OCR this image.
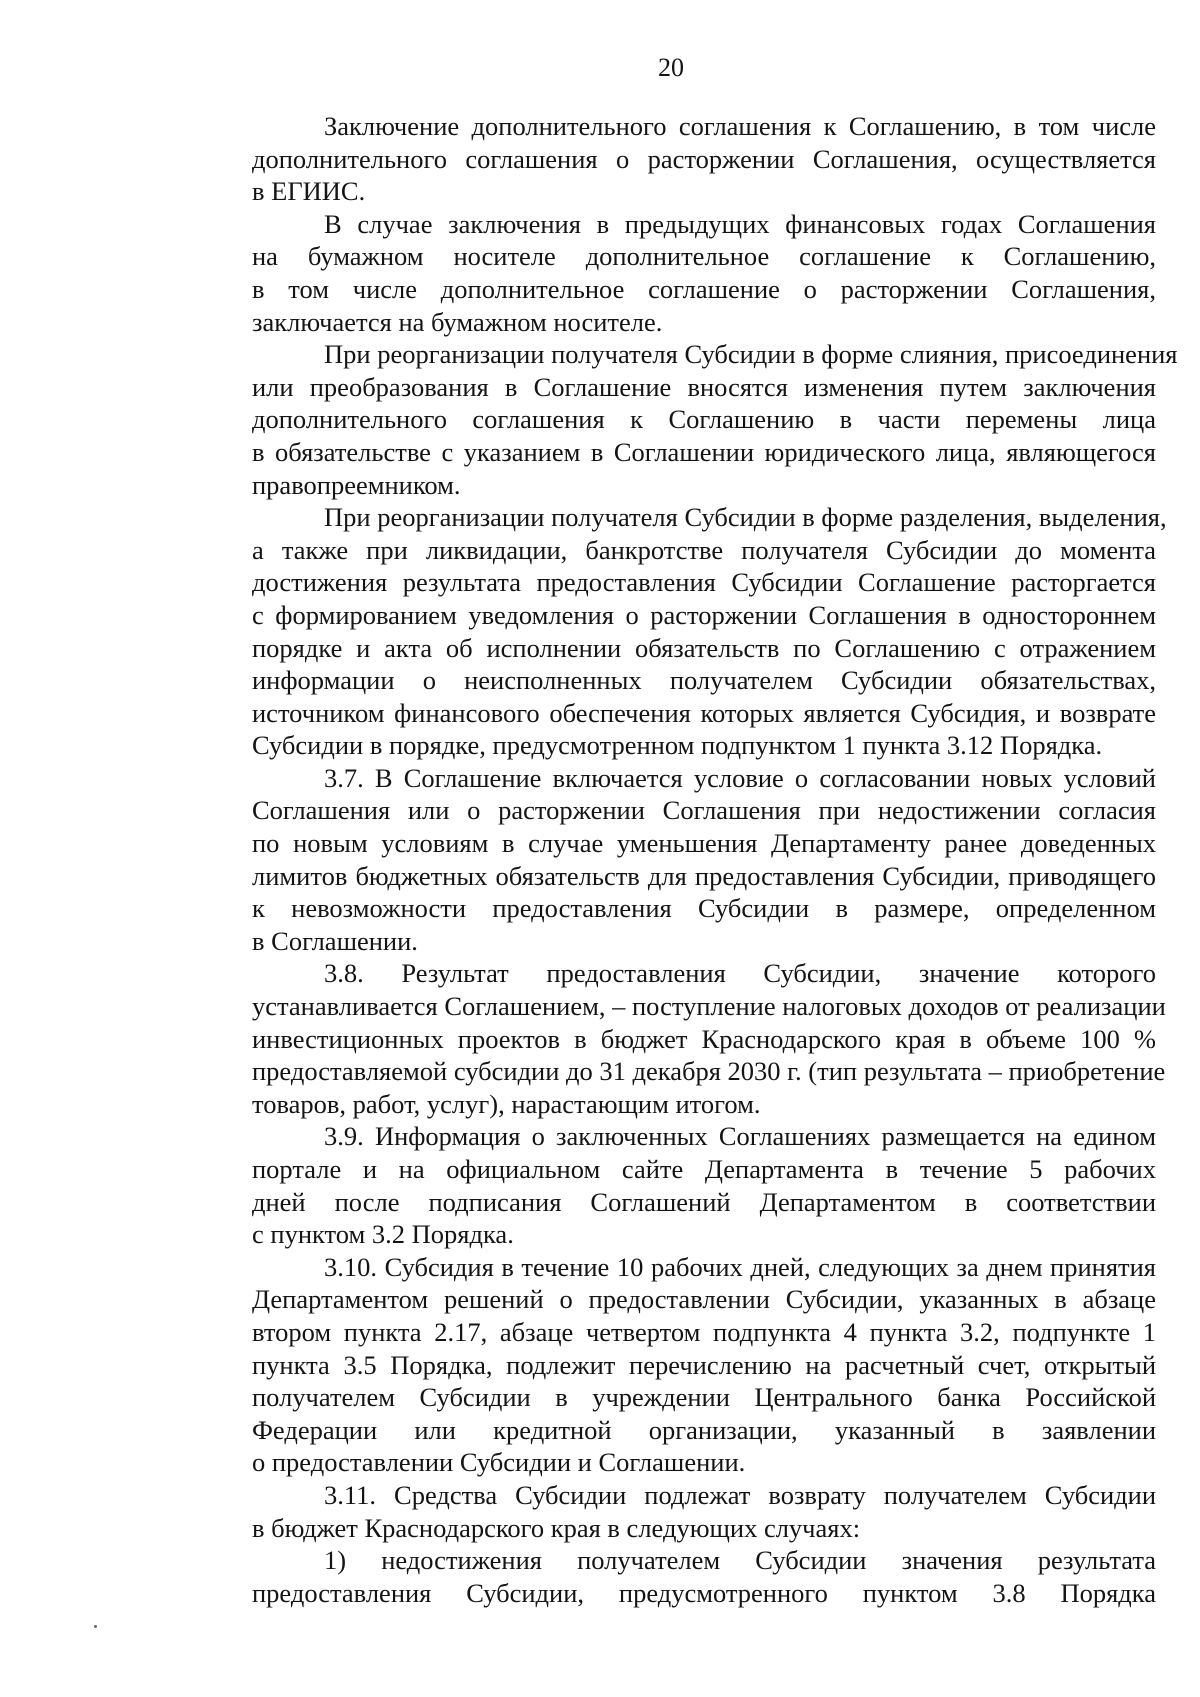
20

Заключение дополнительного соглашения к Соглашению, в том числе
дополнительного соглашения о расторжении Соглашения, осуществляется
в ЕГИИС.

В случае заключения в предыдущих финансовых годах Соглашения
на бумажном носителе дополнительное соглашение к Соглашению,
в том числе дополнительное соглашение о расторжении Соглашения,
заключается на бумажном носителе.

При реорганизации получателя Субсидии в форме слияния, присоединения
или преобразования в Соглашение вносятся изменения путем заключения
дополнительного соглашения к Соглашению в части перемены лица
в обязательстве с указанием в Соглашении юридического лица, являющегося
правопреемником.

При реорганизации получателя Субсидии в форме разделения, выделения,
а также при ликвидации, банкротстве получателя Субсидии до момента
достижения результата предоставления Субсидии Соглашение расторгается
с формированием уведомления о расторжении Соглашения в одностороннем
порядке и акта об исполнении обязательств по Соглашению с отражением
информации о неисполненных получателем Субсидии обязательствах,
источником финансового обеспечения которых является Субсидия, и возврате
Субсидии в порядке, предусмотренном подпунктом 1 пункта 3.12 Порядка.

3.7. В Соглашение включается условие о согласовании новых условий
Соглашения или о расторжении Соглашения при недостижении согласия
по новым условиям в случае уменьшения Департаменту ранее доведенных
лимитов бюджетных обязательств для предоставления Субсидии, приводящего
к невозможности предоставления Субсидии в размере, определенном
в Соглашении.

3.8. Результат предоставления Субсидии, значение которого
устанавливается Соглашением, – поступление налоговых доходов от реализации
инвестиционных проектов в бюджет Краснодарского края в объеме 100 %
предоставляемой субсидии до 31 декабря 2030 г. (тип результата – приобретение
товаров, работ, услуг), нарастающим итогом.

3.9. Информация о заключенных Соглашениях размещается на едином
портале и на официальном сайте Департамента в течение 5 рабочих
дней после подписания Соглашений Департаментом в соответствии
с пунктом 3.2 Порядка.

3.10. Субсидия в течение 10 рабочих дней, следующих за днем принятия
Департаментом решений о предоставлении Субсидии, указанных в абзаце
втором пункта 2.17, абзаце четвертом подпункта 4 пункта 3.2, подпункте 1
пункта 3.5 Порядка, подлежит перечислению на расчетный счет, открытый
получателем Субсидии в учреждении Центрального банка Российской
Федерации или кредитной организации, указанный в заявлении
о предоставлении Субсидии и Соглашении.

3.11. Средства Субсидии подлежат возврату получателем Субсидии
в бюджет Краснодарского края в следующих случаях:

1) недостижения получателем Субсидии значения результата
предоставления Субсидии, предусмотренного пунктом 3.8 Порядка
